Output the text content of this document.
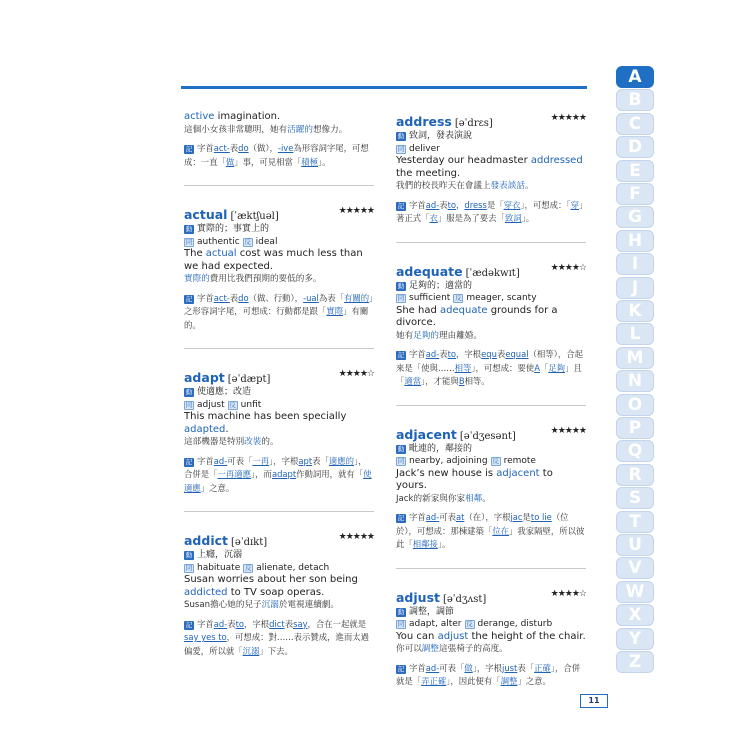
active imagination.
這個小女孩非常聰明，她有活躍的想像力。
記 字首act-表do（做），-ive為形容詞字尾，可想成：一直「做」事，可見相當「積極」。
actual [ˈæktʃuəl]	★★★★★
動 實際的；事實上的
同 authentic 反 ideal
The actual cost was much less than we had expected.
實際的費用比我們預期的要低的多。
記 字首act-表do（做、行動），-ual為表「有關的」之形容詞字尾，可想成：行動都是跟「實際」有關的。
adapt [əˈdæpt]	★★★★☆
動 使適應；改造
同 adjust 反 unfit
This machine has been specially adapted.
這部機器是特別改裝的。
記 字首ad-可表「一再」，字根apt表「適應的」，合併是「一再適應」，而adapt作動詞用，就有「使適應」之意。
addict [əˈdɪkt]	★★★★★
動 上癮，沉溺
同 habituate 反 alienate, detach
Susan worries about her son being addicted to TV soap operas.
Susan擔心她的兒子沉溺於電視連續劇。
記 字首ad-表to，字根dict表say，合在一起就是say yes to，可想成：對……表示贊成，進而太過偏愛，所以就「沉溺」下去。
address [əˈdrɛs]	★★★★★
動 致詞，發表演說
同 deliver
Yesterday our headmaster addressed the meeting.
我們的校長昨天在會議上發表談話。
記 字首ad-表to，dress是「穿衣」，可想成：「穿」著正式「衣」服是為了要去「致詞」。
adequate [ˈædəkwɪt]	★★★★☆
動 足夠的；適當的
同 sufficient 反 meager, scanty
She had adequate grounds for a divorce.
她有足夠的理由離婚。
記 字首ad-表to，字根equ表equal（相等），合起來是「使與……相等」，可想成：要使A「足夠」且「適當」，才能與B相等。
adjacent [əˈdʒesənt]	★★★★★
動 毗連的，鄰接的
同 nearby, adjoining 反 remote
Jack’s new house is adjacent to yours.
Jack的新家與你家相鄰。
記 字首ad-可表at（在），字根jac是to lie（位於），可想成：那棟建築「位在」我家隔壁，所以彼此「相鄰接」。
adjust [əˈdʒʌst]	★★★★☆
動 調整，調節
同 adapt, alter 反 derange, disturb
You can adjust the height of the chair.
你可以調整這張椅子的高度。
記 字首ad-可表「做」，字根just表「正確」，合併就是「弄正確」，因此便有「調整」之意。
A
B
C
D
E
F
G
H
I
J
K
L
M
N
O
P
Q
R
S
T
U
V
W
X
Y
Z
11
